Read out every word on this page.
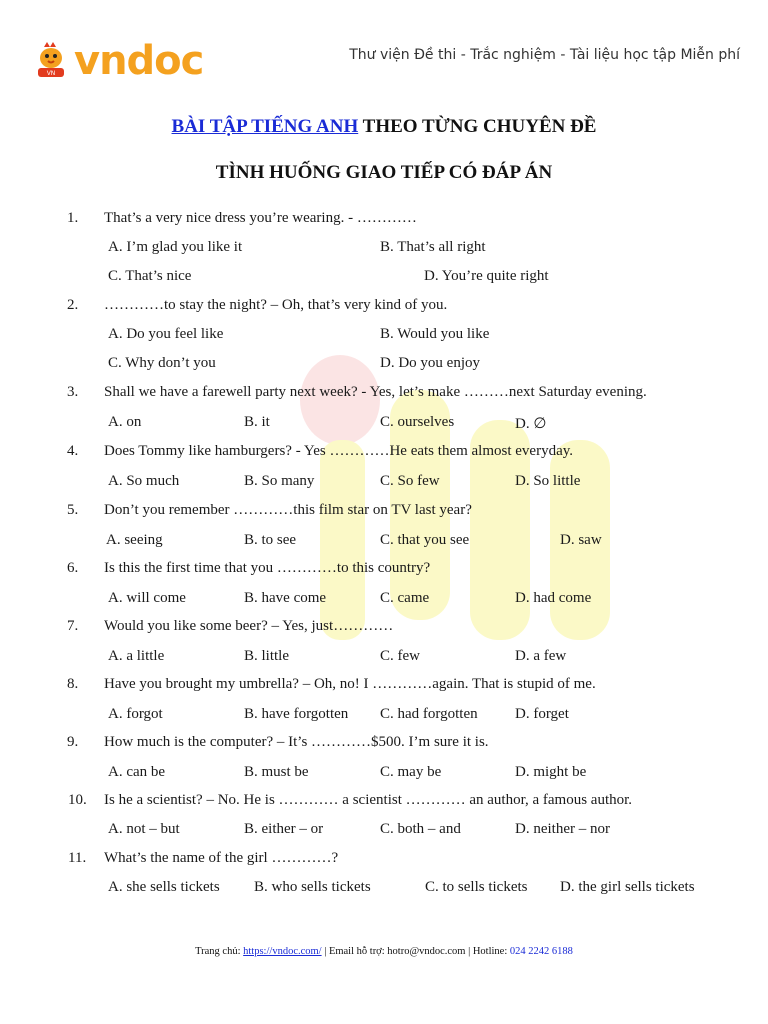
VN vndoc	Thư viện Đề thi - Trắc nghiệm - Tài liệu học tập Miễn phí
BÀI TẬP TIẾNG ANH THEO TỪNG CHUYÊN ĐỀ
TÌNH HUỐNG GIAO TIẾP CÓ ĐÁP ÁN
1. That’s a very nice dress you’re wearing. - …………
A. I’m glad you like it	B. That’s all right
C. That’s nice	D. You’re quite right
2. …………to stay the night? – Oh, that’s very kind of you.
A. Do you feel like	B. Would you like
C. Why don’t you	D. Do you enjoy
3. Shall we have a farewell party next week? - Yes, let’s make ………next Saturday evening.
A. on	B. it	C. ourselves	D. ∅
4. Does Tommy like hamburgers? - Yes …………He eats them almost everyday.
A. So much	B. So many	C. So few	D. So little
5. Don’t you remember …………this film star on TV last year?
A. seeing	B. to see	C. that you see	D. saw
6. Is this the first time that you …………to this country?
A. will come	B. have come	C. came	D. had come
7. Would you like some beer? – Yes, just…………
A. a little	B. little	C. few	D. a few
8. Have you brought my umbrella? – Oh, no! I …………again. That is stupid of me.
A. forgot	B. have forgotten C. had forgotten D. forget
9. How much is the computer? – It’s …………$500. I’m sure it is.
A. can be	B. must be	C. may be	D. might be
10. Is he a scientist? – No. He is ………… a scientist ………… an author, a famous author.
A. not – but	B. either – or	C. both – and	D. neither – nor
11. What’s the name of the girl …………?
A. she sells tickets B. who sells tickets	C. to sells tickets D. the girl sells tickets
Trang chủ: https://vndoc.com/ | Email hỗ trợ: hotro@vndoc.com | Hotline: 024 2242 6188
